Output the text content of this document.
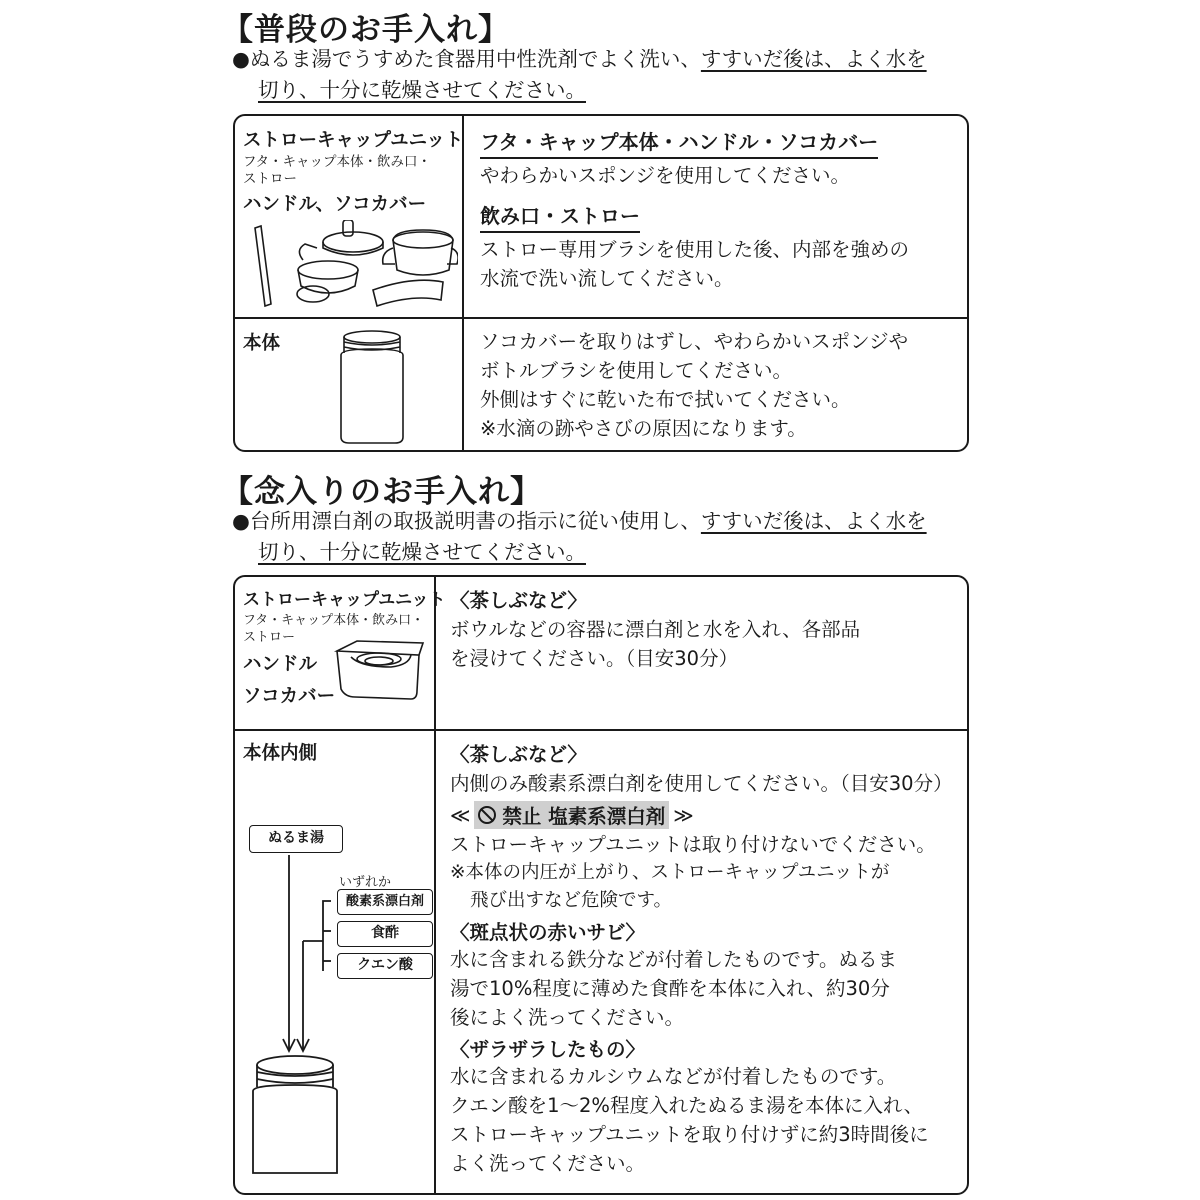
【普段のお手入れ】
●ぬるま湯でうすめた食器用中性洗剤でよく洗い、すすいだ後は、よく水を
切り、十分に乾燥させてください。
ストローキャップユニット
フタ・キャップ本体・飲み口・
ストロー
ハンドル、ソコカバー
フタ・キャップ本体・ハンドル・ソコカバー
やわらかいスポンジを使用してください。
飲み口・ストロー
ストロー専用ブラシを使用した後、内部を強めの
水流で洗い流してください。
本体	ソコカバーを取りはずし、やわらかいスポンジや
ボトルブラシを使用してください。
外側はすぐに乾いた布で拭いてください。
※水滴の跡やさびの原因になります。
【念入りのお手入れ】
●台所用漂白剤の取扱説明書の指示に従い使用し、すすいだ後は、よく水を
切り、十分に乾燥させてください。
ストローキャップユニット
フタ・キャップ本体・飲み口・
ストロー
ハンドル
ソコカバー
〈茶しぶなど〉
ボウルなどの容器に漂白剤と水を入れ、各部品
を浸けてください。（目安30分）
本体内側
ぬるま湯
いずれか
酸素系漂白剤
食酢
クエン酸
〈茶しぶなど〉
内側のみ酸素系漂白剤を使用してください。（目安30分）
≪ 禁止 塩素系漂白剤 ≫
ストローキャップユニットは取り付けないでください。
※本体の内圧が上がり、ストローキャップユニットが
飛び出すなど危険です。
〈斑点状の赤いサビ〉
水に含まれる鉄分などが付着したものです。ぬるま
湯で10%程度に薄めた食酢を本体に入れ、約30分
後によく洗ってください。
〈ザラザラしたもの〉
水に含まれるカルシウムなどが付着したものです。
クエン酸を1～2%程度入れたぬるま湯を本体に入れ、
ストローキャップユニットを取り付けずに約3時間後に
よく洗ってください。
